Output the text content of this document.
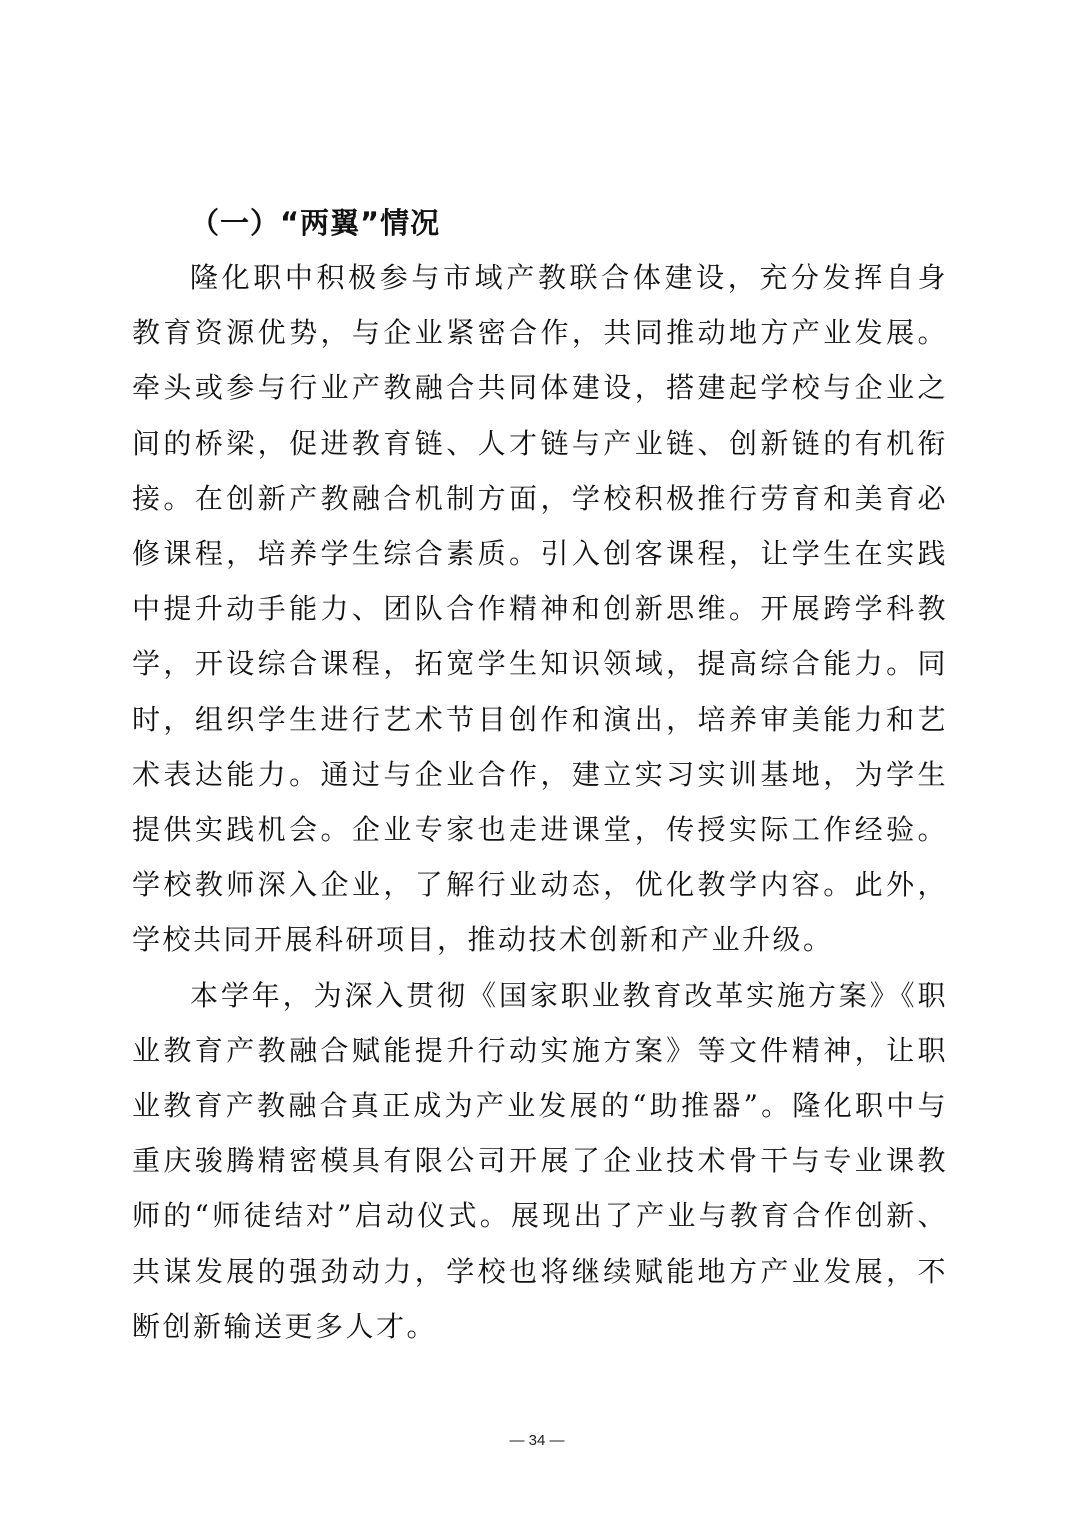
（一）“两翼”情况

隆化职中积极参与市域产教联合体建设，充分发挥自身教育资源优势，与企业紧密合作，共同推动地方产业发展。牵头或参与行业产教融合共同体建设，搭建起学校与企业之间的桥梁，促进教育链、人才链与产业链、创新链的有机衔接。在创新产教融合机制方面，学校积极推行劳育和美育必修课程，培养学生综合素质。引入创客课程，让学生在实践中提升动手能力、团队合作精神和创新思维。开展跨学科教学，开设综合课程，拓宽学生知识领域，提高综合能力。同时，组织学生进行艺术节目创作和演出，培养审美能力和艺术表达能力。通过与企业合作，建立实习实训基地，为学生提供实践机会。企业专家也走进课堂，传授实际工作经验。学校教师深入企业，了解行业动态，优化教学内容。此外，学校共同开展科研项目，推动技术创新和产业升级。

本学年，为深入贯彻《国家职业教育改革实施方案》《职业教育产教融合赋能提升行动实施方案》等文件精神，让职业教育产教融合真正成为产业发展的“助推器”。隆化职中与重庆骏腾精密模具有限公司开展了企业技术骨干与专业课教师的“师徒结对”启动仪式。展现出了产业与教育合作创新、共谋发展的强劲动力，学校也将继续赋能地方产业发展，不断创新输送更多人才。

— 34 —
